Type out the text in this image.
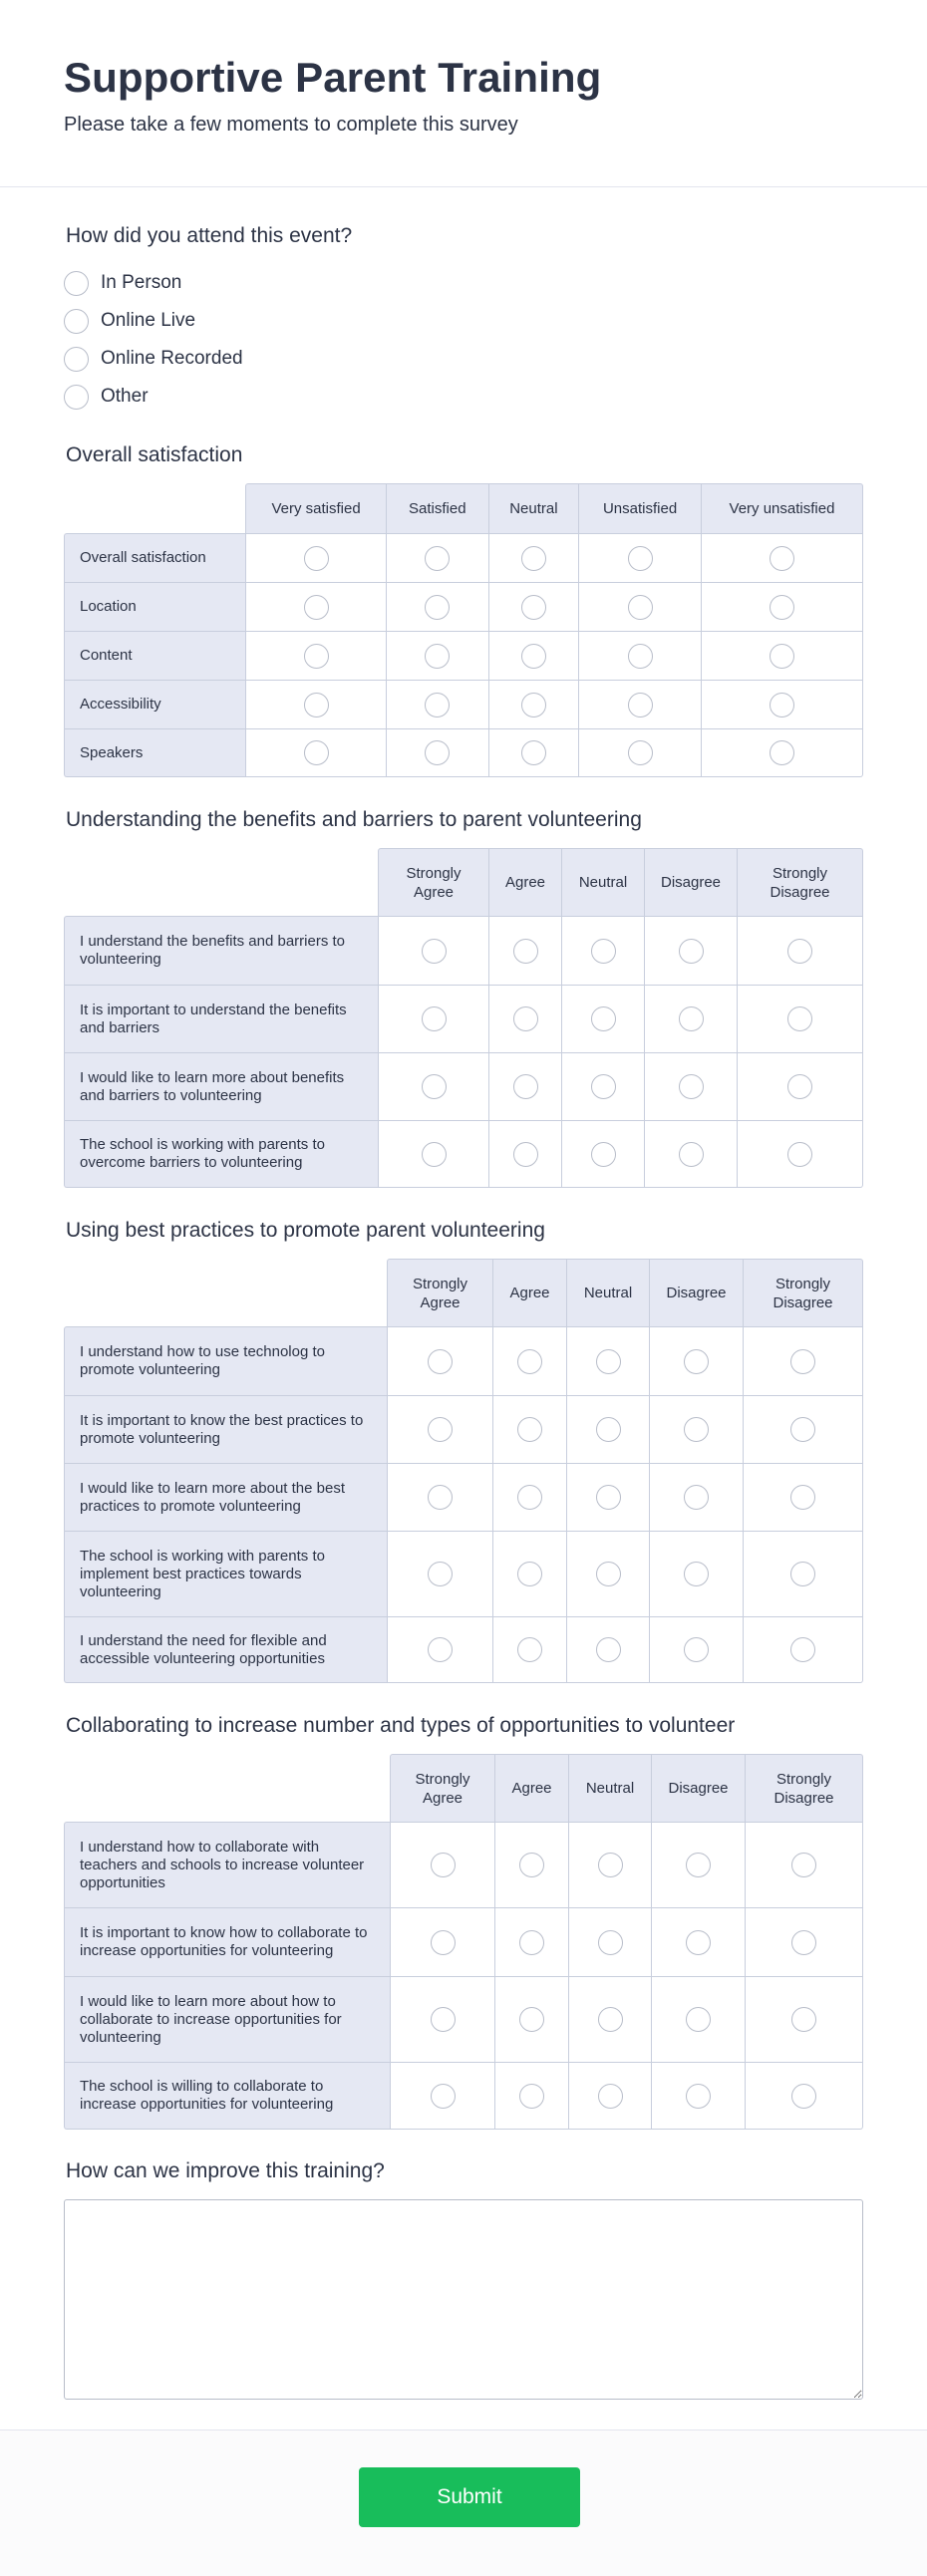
Supportive Parent Training
Please take a few moments to complete this survey
How did you attend this event?
In Person
Online Live
Online Recorded
Other
Overall satisfaction
	Very satisfied	Satisfied	Neutral	Unsatisfied	Very unsatisfied
Overall satisfaction					
Location					
Content					
Accessibility					
Speakers					
Understanding the benefits and barriers to parent volunteering
	Strongly Agree	Agree	Neutral	Disagree	Strongly Disagree
I understand the benefits and barriers to volunteering					
It is important to understand the benefits and barriers					
I would like to learn more about benefits and barriers to volunteering					
The school is working with parents to overcome barriers to volunteering					
Using best practices to promote parent volunteering
	Strongly Agree	Agree	Neutral	Disagree	Strongly Disagree
I understand how to use technolog to promote volunteering					
It is important to know the best practices to promote volunteering					
I would like to learn more about the best practices to promote volunteering					
The school is working with parents to implement best practices towards volunteering					
I understand the need for flexible and accessible volunteering opportunities					
Collaborating to increase number and types of opportunities to volunteer
	Strongly Agree	Agree	Neutral	Disagree	Strongly Disagree
I understand how to collaborate with teachers and schools to increase volunteer opportunities					
It is important to know how to collaborate to increase opportunities for volunteering					
I would like to learn more about how to collaborate to increase opportunities for volunteering					
The school is willing to collaborate to increase opportunities for volunteering					
How can we improve this training?
Submit
